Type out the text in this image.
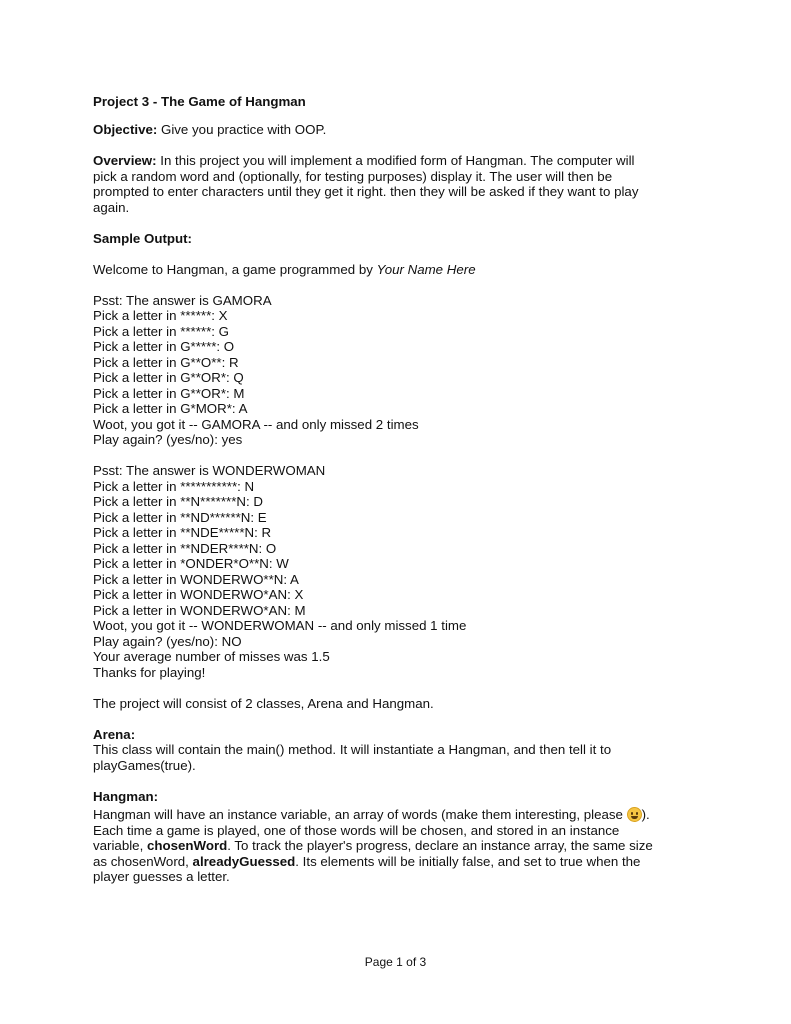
Project 3 - The Game of Hangman
Objective: Give you practice with OOP.
Overview: In this project you will implement a modified form of Hangman. The computer will
pick a random word and (optionally, for testing purposes) display it. The user will then be
prompted to enter characters until they get it right. then they will be asked if they want to play
again.
Sample Output:
Welcome to Hangman, a game programmed by Your Name Here
Psst: The answer is GAMORA
Pick a letter in ******: X
Pick a letter in ******: G
Pick a letter in G*****: O
Pick a letter in G**O**: R
Pick a letter in G**OR*: Q
Pick a letter in G**OR*: M
Pick a letter in G*MOR*: A
Woot, you got it -- GAMORA -- and only missed 2 times
Play again? (yes/no): yes
Psst: The answer is WONDERWOMAN
Pick a letter in ***********: N
Pick a letter in **N*******N: D
Pick a letter in **ND******N: E
Pick a letter in **NDE*****N: R
Pick a letter in **NDER****N: O
Pick a letter in *ONDER*O**N: W
Pick a letter in WONDERWO**N: A
Pick a letter in WONDERWO*AN: X
Pick a letter in WONDERWO*AN: M
Woot, you got it -- WONDERWOMAN -- and only missed 1 time
Play again? (yes/no): NO
Your average number of misses was 1.5
Thanks for playing!
The project will consist of 2 classes, Arena and Hangman.
Arena:
This class will contain the main() method. It will instantiate a Hangman, and then tell it to
playGames(true).
Hangman:
Hangman will have an instance variable, an array of words (make them interesting, please ).
Each time a game is played, one of those words will be chosen, and stored in an instance
variable, chosenWord. To track the player's progress, declare an instance array, the same size
as chosenWord, alreadyGuessed. Its elements will be initially false, and set to true when the
player guesses a letter.
Page 1 of 3
